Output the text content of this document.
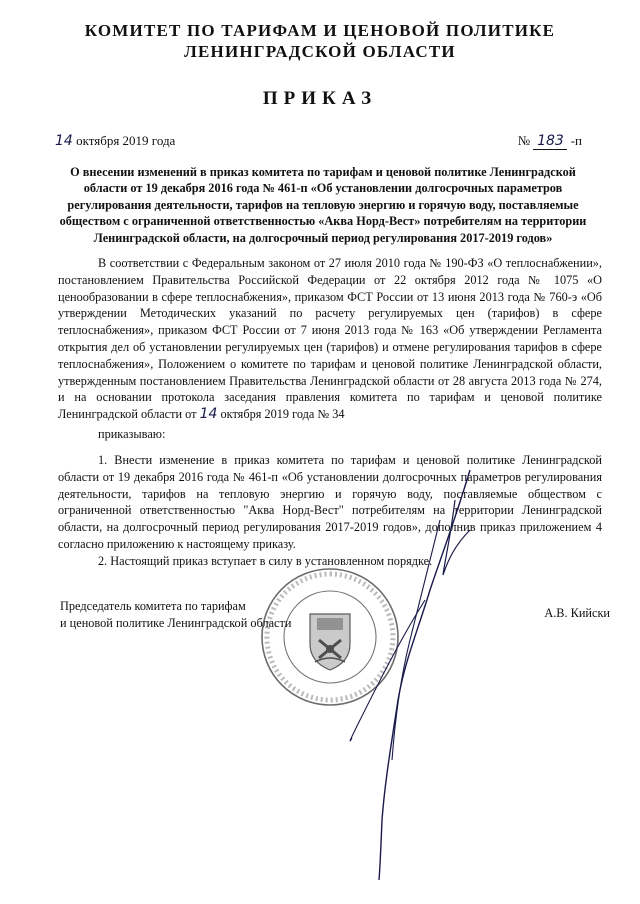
КОМИТЕТ ПО ТАРИФАМ И ЦЕНОВОЙ ПОЛИТИКЕ
ЛЕНИНГРАДСКОЙ ОБЛАСТИ
ПРИКАЗ
14 октября 2019 года	№ 183 -п
О внесении изменений в приказ комитета по тарифам и ценовой политике Ленинградской области от 19 декабря 2016 года № 461-п «Об установлении долгосрочных параметров регулирования деятельности, тарифов на тепловую энергию и горячую воду, поставляемые обществом с ограниченной ответственностью «Аква Норд-Вест» потребителям на территории Ленинградской области, на долгосрочный период регулирования 2017-2019 годов»

В соответствии с Федеральным законом от 27 июля 2010 года № 190-ФЗ «О теплоснабжении», постановлением Правительства Российской Федерации от 22 октября 2012 года № 1075 «О ценообразовании в сфере теплоснабжения», приказом ФСТ России от 13 июня 2013 года № 760-э «Об утверждении Методических указаний по расчету регулируемых цен (тарифов) в сфере теплоснабжения», приказом ФСТ России от 7 июня 2013 года № 163 «Об утверждении Регламента открытия дел об установлении регулируемых цен (тарифов) и отмене регулирования тарифов в сфере теплоснабжения», Положением о комитете по тарифам и ценовой политике Ленинградской области, утвержденным постановлением Правительства Ленинградской области от 28 августа 2013 года № 274, и на основании протокола заседания правления комитета по тарифам и ценовой политике Ленинградской области от 14 октября 2019 года № 34

приказываю:

1. Внести изменение в приказ комитета по тарифам и ценовой политике Ленинградской области от 19 декабря 2016 года № 461-п «Об установлении долгосрочных параметров регулирования деятельности, тарифов на тепловую энергию и горячую воду, поставляемые обществом с ограниченной ответственностью "Аква Норд-Вест" потребителям на территории Ленинградской области, на долгосрочный период регулирования 2017-2019 годов», дополнив приказ приложением 4 согласно приложению к настоящему приказу.

2. Настоящий приказ вступает в силу в установленном порядке.

Председатель комитета по тарифам
и ценовой политике Ленинградской области
А.В. Кийски
